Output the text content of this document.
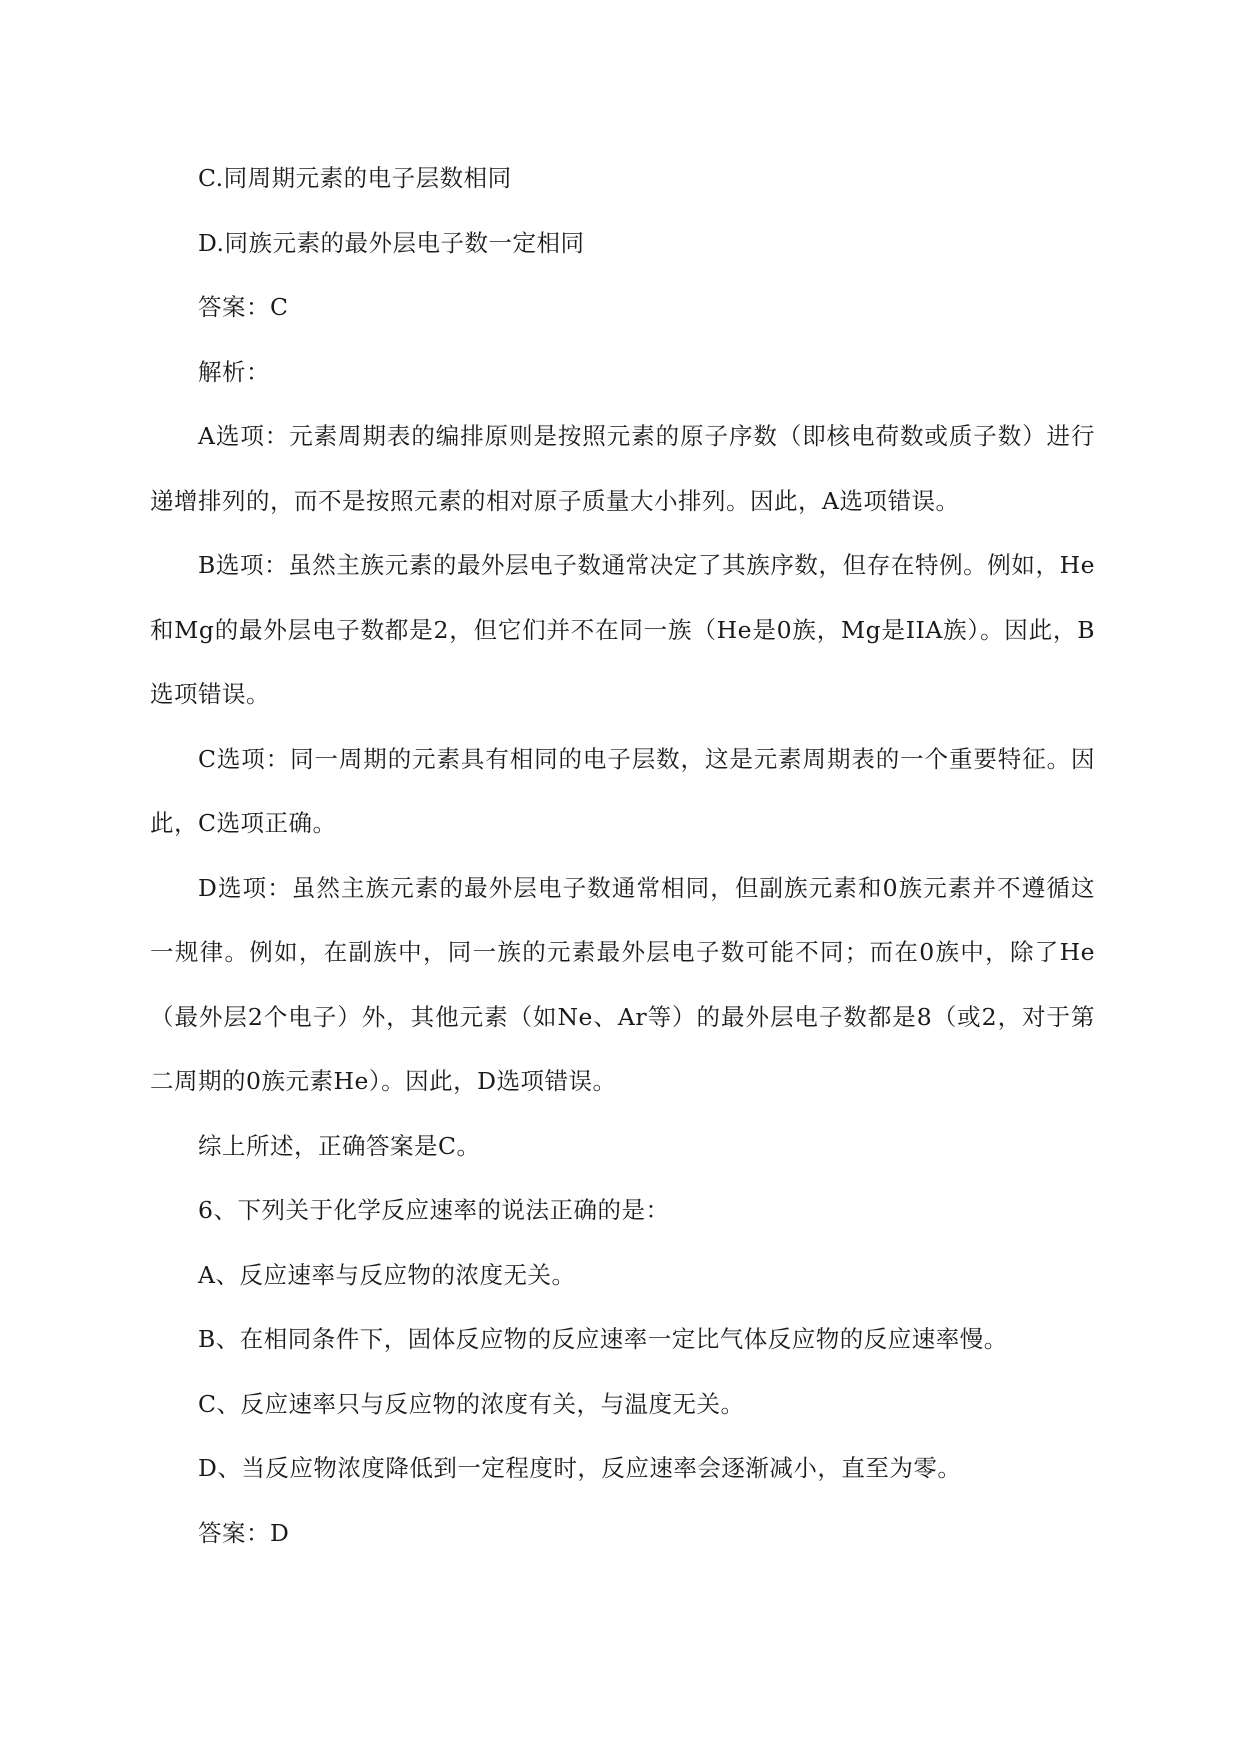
C.同周期元素的电子层数相同

D.同族元素的最外层电子数一定相同

答案：C

解析：

A选项：元素周期表的编排原则是按照元素的原子序数（即核电荷数或质子数）进行递增排列的，而不是按照元素的相对原子质量大小排列。因此，A选项错误。

B选项：虽然主族元素的最外层电子数通常决定了其族序数，但存在特例。例如，He和Mg的最外层电子数都是2，但它们并不在同一族（He是0族，Mg是IIA族）。因此，B选项错误。

C选项：同一周期的元素具有相同的电子层数，这是元素周期表的一个重要特征。因此，C选项正确。

D选项：虽然主族元素的最外层电子数通常相同，但副族元素和0族元素并不遵循这一规律。例如，在副族中，同一族的元素最外层电子数可能不同；而在0族中，除了He（最外层2个电子）外，其他元素（如Ne、Ar等）的最外层电子数都是8（或2，对于第二周期的0族元素He）。因此，D选项错误。

综上所述，正确答案是C。

6、下列关于化学反应速率的说法正确的是：

A、反应速率与反应物的浓度无关。

B、在相同条件下，固体反应物的反应速率一定比气体反应物的反应速率慢。

C、反应速率只与反应物的浓度有关，与温度无关。

D、当反应物浓度降低到一定程度时，反应速率会逐渐减小，直至为零。

答案：D
